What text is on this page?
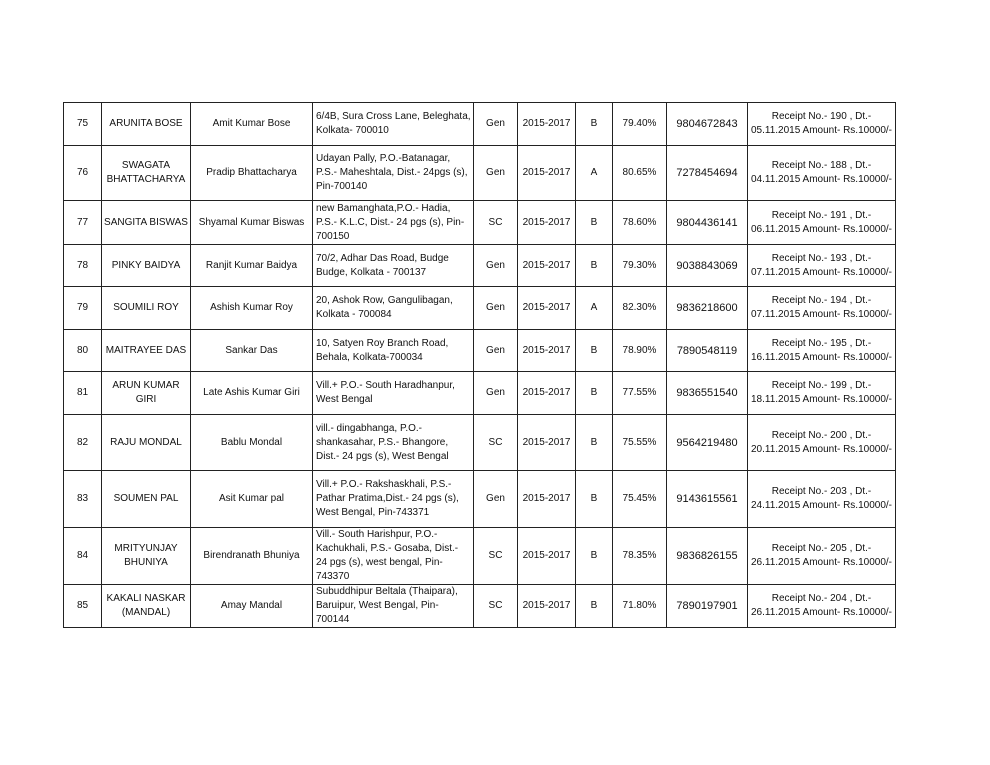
75	ARUNITA BOSE	Amit Kumar Bose	6/4B, Sura Cross Lane, Beleghata, Kolkata- 700010	Gen	2015-2017	B	79.40%	9804672843	Receipt No.- 190 , Dt.-
05.11.2015 Amount- Rs.10000/-

76	SWAGATA BHATTACHARYA	Pradip Bhattacharya	Udayan Pally, P.O.-Batanagar, P.S.- Maheshtala, Dist.- 24pgs (s), Pin-700140	Gen	2015-2017	A	80.65%	7278454694	Receipt No.- 188 , Dt.-
04.11.2015 Amount- Rs.10000/-

77	SANGITA BISWAS	Shyamal Kumar Biswas	new Bamanghata,P.O.- Hadia, P.S.- K.L.C, Dist.- 24 pgs (s), Pin-700150	SC	2015-2017	B	78.60%	9804436141	Receipt No.- 191 , Dt.-
06.11.2015 Amount- Rs.10000/-

78	PINKY BAIDYA	Ranjit Kumar Baidya	70/2, Adhar Das Road, Budge Budge, Kolkata - 700137	Gen	2015-2017	B	79.30%	9038843069	Receipt No.- 193 , Dt.-
07.11.2015 Amount- Rs.10000/-

79	SOUMILI ROY	Ashish Kumar Roy	20, Ashok Row, Gangulibagan, Kolkata - 700084	Gen	2015-2017	A	82.30%	9836218600	Receipt No.- 194 , Dt.-
07.11.2015 Amount- Rs.10000/-

80	MAITRAYEE DAS	Sankar Das	10, Satyen Roy Branch Road, Behala, Kolkata-700034	Gen	2015-2017	B	78.90%	7890548119	Receipt No.- 195 , Dt.-
16.11.2015 Amount- Rs.10000/-

81	ARUN KUMAR GIRI	Late Ashis Kumar Giri	Vill.+ P.O.- South Haradhanpur, West Bengal	Gen	2015-2017	B	77.55%	9836551540	Receipt No.- 199 , Dt.-
18.11.2015 Amount- Rs.10000/-

82	RAJU MONDAL	Bablu Mondal	vill.- dingabhanga, P.O.- shankasahar, P.S.- Bhangore, Dist.- 24 pgs (s), West Bengal	SC	2015-2017	B	75.55%	9564219480	Receipt No.- 200 , Dt.-
20.11.2015 Amount- Rs.10000/-

83	SOUMEN PAL	Asit Kumar pal	Vill.+ P.O.- Rakshaskhali, P.S.- Pathar Pratima,Dist.- 24 pgs (s), West Bengal, Pin-743371	Gen	2015-2017	B	75.45%	9143615561	Receipt No.- 203 , Dt.-
24.11.2015 Amount- Rs.10000/-

84	MRITYUNJAY BHUNIYA	Birendranath Bhuniya	Vill.- South Harishpur, P.O.- Kachukhali, P.S.- Gosaba, Dist.- 24 pgs (s), west bengal, Pin-743370	SC	2015-2017	B	78.35%	9836826155	Receipt No.- 205 , Dt.-
26.11.2015 Amount- Rs.10000/-

85	KAKALI NASKAR (MANDAL)	Amay Mandal	Subuddhipur Beltala (Thaipara), Baruipur, West Bengal, Pin-700144	SC	2015-2017	B	71.80%	7890197901	Receipt No.- 204 , Dt.-
26.11.2015 Amount- Rs.10000/-
